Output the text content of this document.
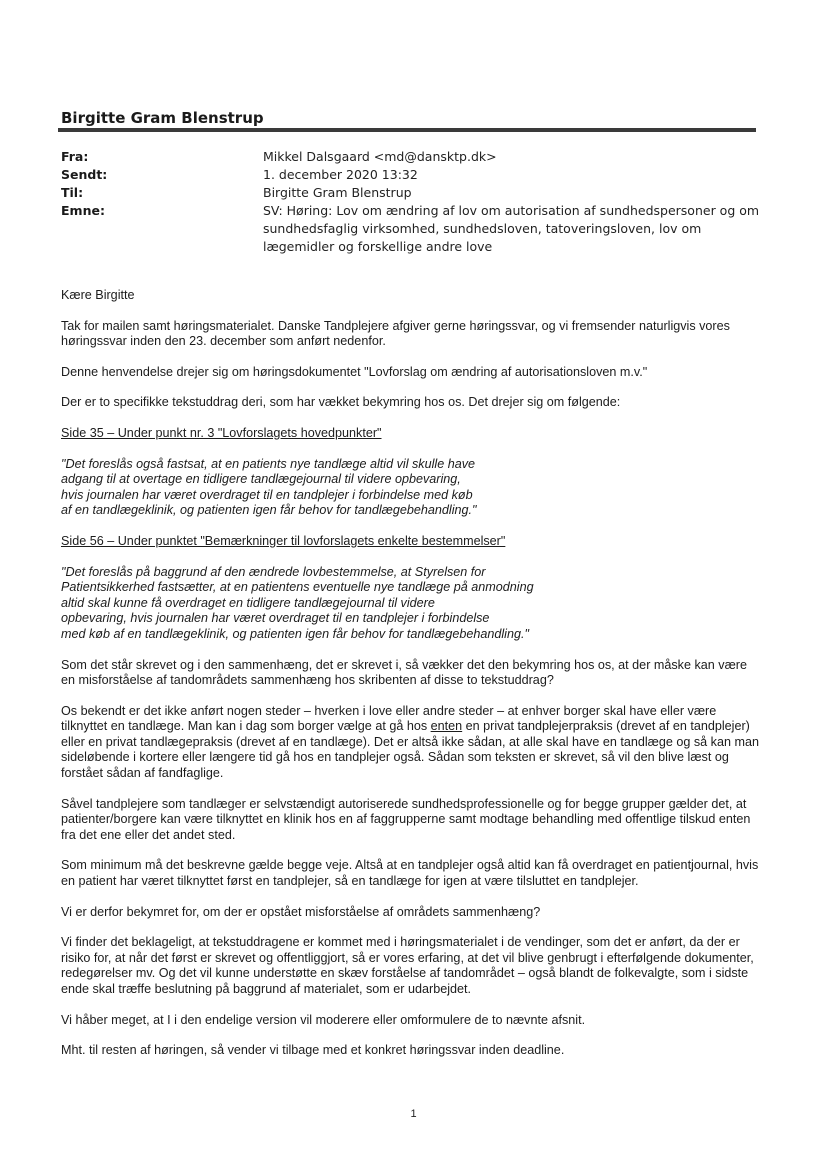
Birgitte Gram Blenstrup
Fra:	Mikkel Dalsgaard <md@dansktp.dk>
Sendt:	1. december 2020 13:32
Til:	Birgitte Gram Blenstrup
Emne:	SV: Høring: Lov om ændring af lov om autorisation af sundhedspersoner og om sundhedsfaglig virksomhed, sundhedsloven, tatoveringsloven, lov om lægemidler og forskellige andre love

Kære Birgitte

Tak for mailen samt høringsmaterialet. Danske Tandplejere afgiver gerne høringssvar, og vi fremsender naturligvis vores høringssvar inden den 23. december som anført nedenfor.

Denne henvendelse drejer sig om høringsdokumentet "Lovforslag om ændring af autorisationsloven m.v."

Der er to specifikke tekstuddrag deri, som har vækket bekymring hos os. Det drejer sig om følgende:

Side 35 – Under punkt nr. 3 "Lovforslagets hovedpunkter"

"Det foreslås også fastsat, at en patients nye tandlæge altid vil skulle have
adgang til at overtage en tidligere tandlægejournal til videre opbevaring,
hvis journalen har været overdraget til en tandplejer i forbindelse med køb
af en tandlægeklinik, og patienten igen får behov for tandlægebehandling."

Side 56 – Under punktet "Bemærkninger til lovforslagets enkelte bestemmelser"

"Det foreslås på baggrund af den ændrede lovbestemmelse, at Styrelsen for
Patientsikkerhed fastsætter, at en patientens eventuelle nye tandlæge på anmodning
altid skal kunne få overdraget en tidligere tandlægejournal til videre
opbevaring, hvis journalen har været overdraget til en tandplejer i forbindelse
med køb af en tandlægeklinik, og patienten igen får behov for tandlægebehandling."

Som det står skrevet og i den sammenhæng, det er skrevet i, så vækker det den bekymring hos os, at der måske kan være en misforståelse af tandområdets sammenhæng hos skribenten af disse to tekstuddrag?

Os bekendt er det ikke anført nogen steder – hverken i love eller andre steder – at enhver borger skal have eller være tilknyttet en tandlæge. Man kan i dag som borger vælge at gå hos enten en privat tandplejerpraksis (drevet af en tandplejer) eller en privat tandlægepraksis (drevet af en tandlæge). Det er altså ikke sådan, at alle skal have en tandlæge og så kan man sideløbende i kortere eller længere tid gå hos en tandplejer også. Sådan som teksten er skrevet, så vil den blive læst og forstået sådan af fandfaglige.

Såvel tandplejere som tandlæger er selvstændigt autoriserede sundhedsprofessionelle og for begge grupper gælder det, at patienter/borgere kan være tilknyttet en klinik hos en af faggrupperne samt modtage behandling med offentlige tilskud enten fra det ene eller det andet sted.

Som minimum må det beskrevne gælde begge veje. Altså at en tandplejer også altid kan få overdraget en patientjournal, hvis en patient har været tilknyttet først en tandplejer, så en tandlæge for igen at være tilsluttet en tandplejer.

Vi er derfor bekymret for, om der er opstået misforståelse af områdets sammenhæng?

Vi finder det beklageligt, at tekstuddragene er kommet med i høringsmaterialet i de vendinger, som det er anført, da der er risiko for, at når det først er skrevet og offentliggjort, så er vores erfaring, at det vil blive genbrugt i efterfølgende dokumenter, redegørelser mv. Og det vil kunne understøtte en skæv forståelse af tandområdet – også blandt de folkevalgte, som i sidste ende skal træffe beslutning på baggrund af materialet, som er udarbejdet.

Vi håber meget, at I i den endelige version vil moderere eller omformulere de to nævnte afsnit.

Mht. til resten af høringen, så vender vi tilbage med et konkret høringssvar inden deadline.

1
